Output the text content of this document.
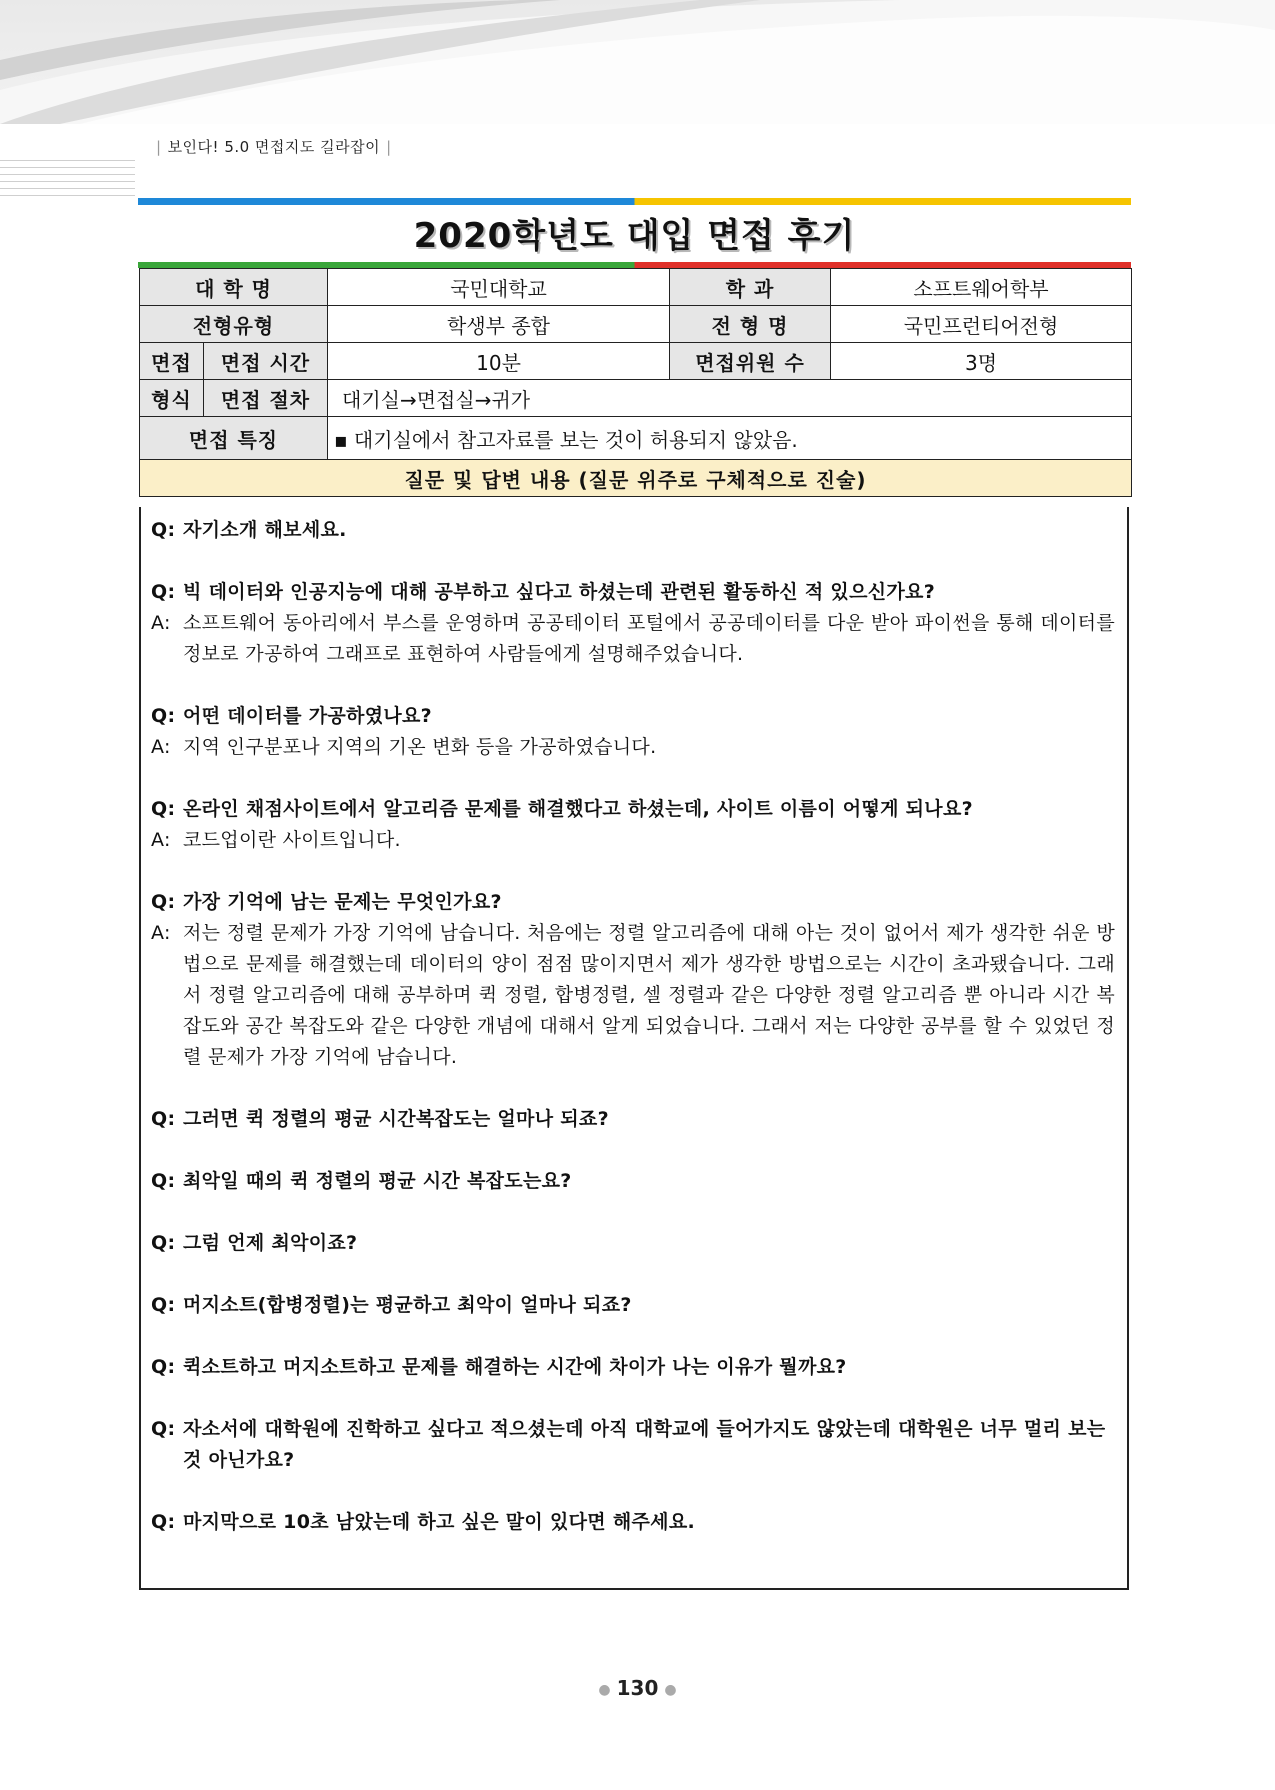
| 보인다! 5.0 면접지도 길라잡이 |
2020학년도 대입 면접 후기
대 학 명		국민대학교	학 과	소프트웨어학부
전형유형		학생부 종합	전 형 명	국민프런티어전형
면접	면접 시간	10분	면접위원 수	3명
형식	면접 절차	대기실→면접실→귀가		
면접 특징		▪ 대기실에서 참고자료를 보는 것이 허용되지 않았음.		
질문 및 답변 내용 (질문 위주로 구체적으로 진술)				
Q: 자기소개 해보세요.
Q: 빅 데이터와 인공지능에 대해 공부하고 싶다고 하셨는데 관련된 활동하신 적 있으신가요?
A: 소프트웨어 동아리에서 부스를 운영하며 공공테이터 포털에서 공공데이터를 다운 받아 파이썬을 통해 데이터를 정보로 가공하여 그래프로 표현하여 사람들에게 설명해주었습니다.
Q: 어떤 데이터를 가공하였나요?
A: 지역 인구분포나 지역의 기온 변화 등을 가공하였습니다.
Q: 온라인 채점사이트에서 알고리즘 문제를 해결했다고 하셨는데, 사이트 이름이 어떻게 되나요?
A: 코드업이란 사이트입니다.
Q: 가장 기억에 남는 문제는 무엇인가요?
A: 저는 정렬 문제가 가장 기억에 남습니다. 처음에는 정렬 알고리즘에 대해 아는 것이 없어서 제가 생각한 쉬운 방법으로 문제를 해결했는데 데이터의 양이 점점 많이지면서 제가 생각한 방법으로는 시간이 초과됐습니다. 그래서 정렬 알고리즘에 대해 공부하며 퀵 정렬, 합병정렬, 셀 정렬과 같은 다양한 정렬 알고리즘 뿐 아니라 시간 복잡도와 공간 복잡도와 같은 다양한 개념에 대해서 알게 되었습니다. 그래서 저는 다양한 공부를 할 수 있었던 정렬 문제가 가장 기억에 남습니다.
Q: 그러면 퀵 정렬의 평균 시간복잡도는 얼마나 되죠?
Q: 최악일 때의 퀵 정렬의 평균 시간 복잡도는요?
Q: 그럼 언제 최악이죠?
Q: 머지소트(합병정렬)는 평균하고 최악이 얼마나 되죠?
Q: 퀵소트하고 머지소트하고 문제를 해결하는 시간에 차이가 나는 이유가 뭘까요?
Q: 자소서에 대학원에 진학하고 싶다고 적으셨는데 아직 대학교에 들어가지도 않았는데 대학원은 너무 멀리 보는 것 아닌가요?
Q: 마지막으로 10초 남았는데 하고 싶은 말이 있다면 해주세요.
● 130 ●
